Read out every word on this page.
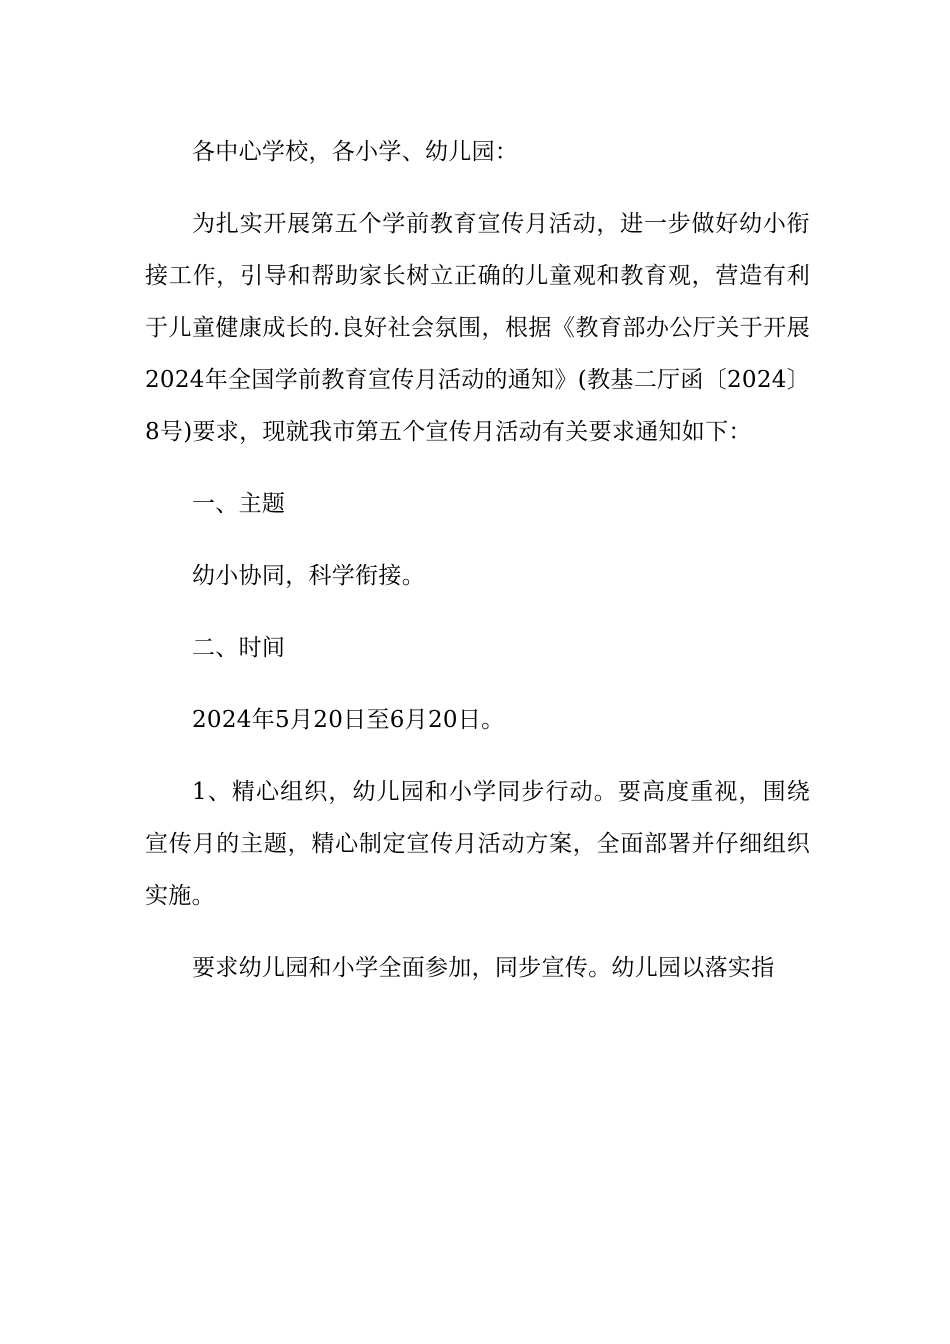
各中心学校，各小学、幼儿园：

为扎实开展第五个学前教育宣传月活动，进一步做好幼小衔接工作，引导和帮助家长树立正确的儿童观和教育观，营造有利于儿童健康成长的.良好社会氛围，根据《教育部办公厅关于开展2024年全国学前教育宣传月活动的通知》(教基二厅函〔2024〕8号)要求，现就我市第五个宣传月活动有关要求通知如下：

一、主题

幼小协同，科学衔接。

二、时间

2024年5月20日至6月20日。

1、精心组织，幼儿园和小学同步行动。要高度重视，围绕宣传月的主题，精心制定宣传月活动方案，全面部署并仔细组织实施。

要求幼儿园和小学全面参加，同步宣传。幼儿园以落实指
